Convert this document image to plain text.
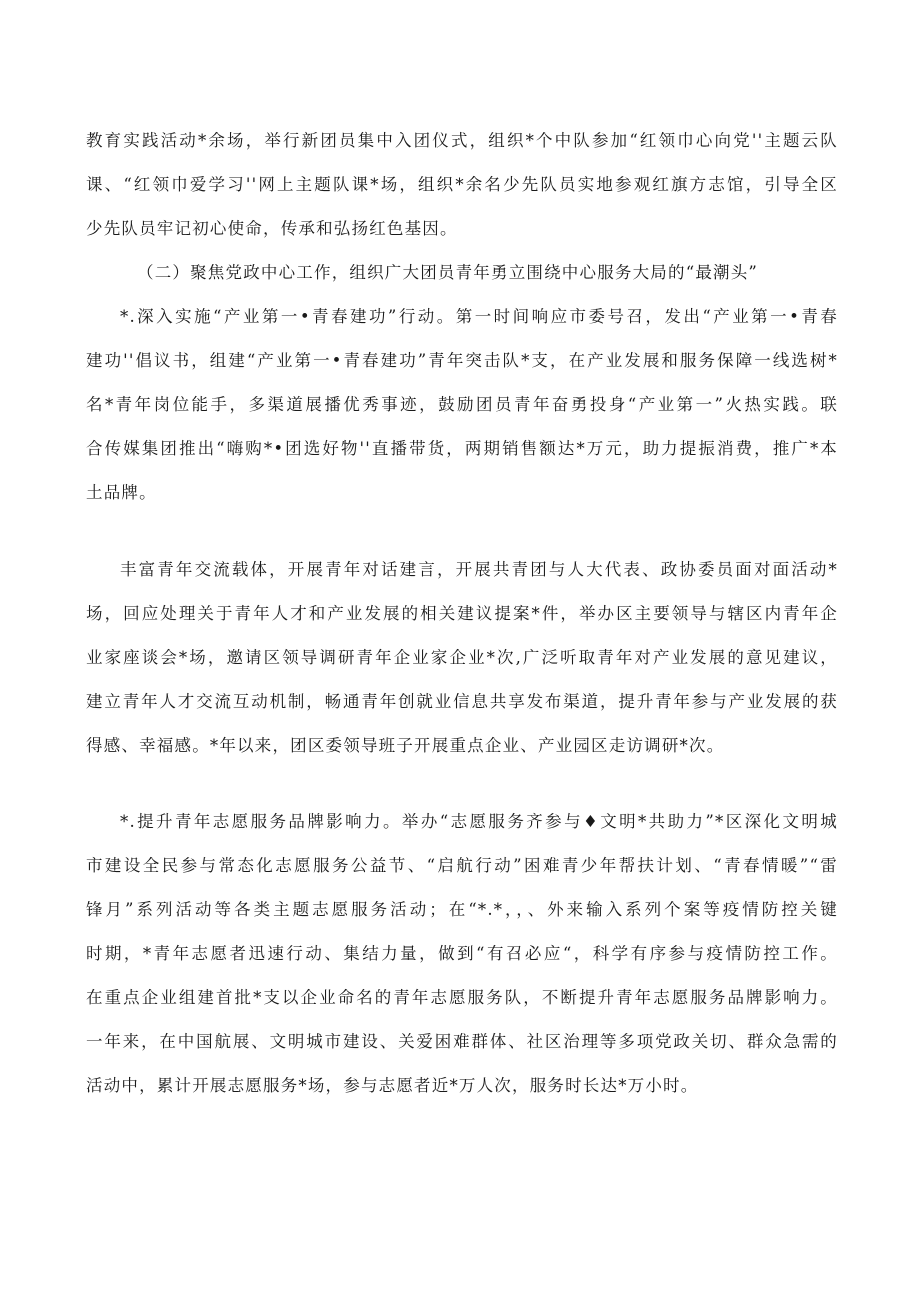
教育实践活动*余场，举行新团员集中入团仪式，组织*个中队参加“红领巾心向党''主题云队
课、“红领巾爱学习''网上主题队课*场，组织*余名少先队员实地参观红旗方志馆，引导全区
少先队员牢记初心使命，传承和弘扬红色基因。
（二）聚焦党政中心工作，组织广大团员青年勇立围绕中心服务大局的“最潮头”
*.深入实施“产业第一•青春建功”行动。第一时间响应市委号召，发出“产业第一•青春
建功''倡议书，组建“产业第一•青春建功”青年突击队*支，在产业发展和服务保障一线选树*
名*青年岗位能手，多渠道展播优秀事迹，鼓励团员青年奋勇投身“产业第一”火热实践。联
合传媒集团推出“嗨购*•团选好物''直播带货，两期销售额达*万元，助力提振消费，推广*本
土品牌。
丰富青年交流载体，开展青年对话建言，开展共青团与人大代表、政协委员面对面活动*
场，回应处理关于青年人才和产业发展的相关建议提案*件，举办区主要领导与辖区内青年企
业家座谈会*场，邀请区领导调研青年企业家企业*次,广泛听取青年对产业发展的意见建议，
建立青年人才交流互动机制，畅通青年创就业信息共享发布渠道，提升青年参与产业发展的获
得感、幸福感。*年以来，团区委领导班子开展重点企业、产业园区走访调研*次。
*.提升青年志愿服务品牌影响力。举办“志愿服务齐参与♦文明*共助力”*区深化文明城
市建设全民参与常态化志愿服务公益节、“启航行动”困难青少年帮扶计划、“青春情暖”“雷
锋月”系列活动等各类主题志愿服务活动；在“*.*，，、外来输入系列个案等疫情防控关键
时期，*青年志愿者迅速行动、集结力量，做到“有召必应“，科学有序参与疫情防控工作。
在重点企业组建首批*支以企业命名的青年志愿服务队，不断提升青年志愿服务品牌影响力。
一年来，在中国航展、文明城市建设、关爱困难群体、社区治理等多项党政关切、群众急需的
活动中，累计开展志愿服务*场，参与志愿者近*万人次，服务时长达*万小时。
